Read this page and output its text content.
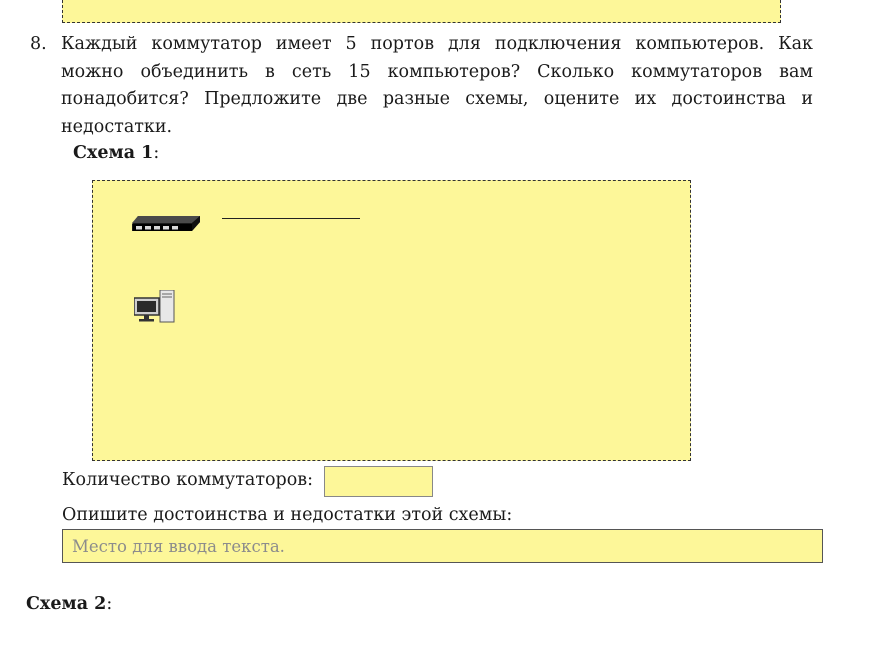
8. Каждый коммутатор имеет 5 портов для подключения компьютеров. Как можно объединить в сеть 15 компьютеров? Сколько коммутаторов вам понадобится? Предложите две разные схемы, оцените их достоинства и недостатки.
Схема 1:
Количество коммутаторов:
Опишите достоинства и недостатки этой схемы:
Место для ввода текста.
Схема 2:
